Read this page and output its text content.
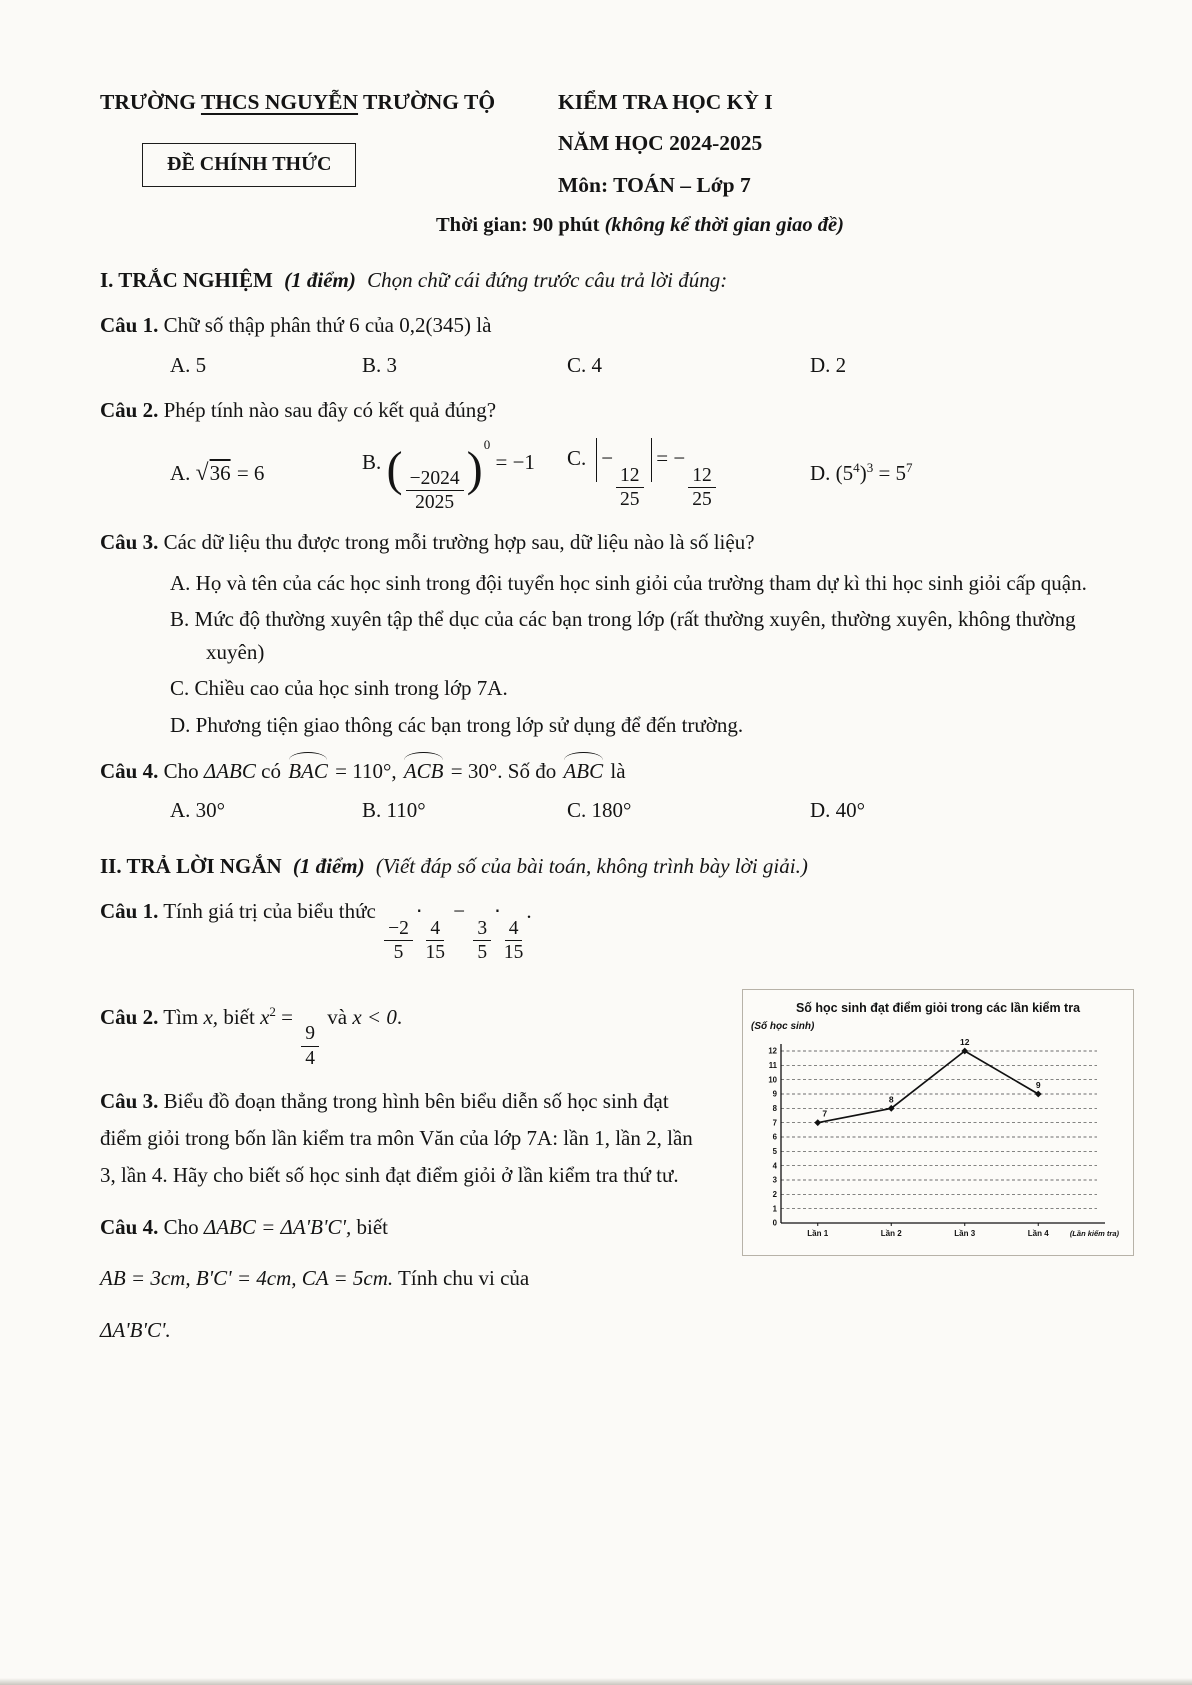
TRƯỜNG THCS NGUYỄN TRƯỜNG TỘ
ĐỀ CHÍNH THỨC
KIỂM TRA HỌC KỲ I
NĂM HỌC 2024-2025
Môn: TOÁN – Lớp 7
Thời gian: 90 phút (không kể thời gian giao đề)

I. TRẮC NGHIỆM (1 điểm) Chọn chữ cái đứng trước câu trả lời đúng:

Câu 1. Chữ số thập phân thứ 6 của 0,2(345) là

A. 5	B. 3	C. 4	D. 2

Câu 2. Phép tính nào sau đây có kết quả đúng?

A. √36 = 6	B. ( $\frac{-2024}{2025} )^0 = -1$	C. −
$\frac{12}{25}$
= −
$\frac{12}{25}$	D. $(5^4)^3 = 5^7$

Câu 3. Các dữ liệu thu được trong mỗi trường hợp sau, dữ liệu nào là số liệu?

A. Họ và tên của các học sinh trong đội tuyển học sinh giỏi của trường tham dự kì thi học sinh giỏi cấp quận.

B. Mức độ thường xuyên tập thể dục của các bạn trong lớp (rất thường xuyên, thường xuyên, không thường xuyên)

C. Chiều cao của học sinh trong lớp 7A.

D. Phương tiện giao thông các bạn trong lớp sử dụng để đến trường.

Câu 4. Cho ΔABC có BAC = 110°, ACB = 30°. Số đo ABC là

A. 30°	B. 110°	C. 180°	D. 40°

II. TRẢ LỜI NGẮN (1 điểm) (Viết đáp số của bài toán, không trình bày lời giải.)

Câu 1. Tính giá trị của biểu thức
$\frac{-2}{5}$
⋅
$\frac{4}{15}$
−
$\frac{3}{5}$
⋅
$\frac{4}{15}$
.

Câu 2. Tìm x, biết $x^2$ =
$\frac{9}{4}$
và x < 0.

Câu 3. Biểu đồ đoạn thẳng trong hình bên biểu diễn số học sinh đạt điểm giỏi trong bốn lần kiểm tra môn Văn của lớp 7A: lần 1, lần 2, lần 3, lần 4. Hãy cho biết số học sinh đạt điểm giỏi ở lần kiểm tra thứ tư.

Câu 4. Cho ΔABC = ΔA'B'C', biết

AB = 3cm, B'C' = 4cm, CA = 5cm. Tính chu vi của

ΔA'B'C'.

Số học sinh đạt điểm giỏi trong các lần kiểm tra
(Số học sinh)
0
1
2
3
4
5
6
7
8
9
10
11
12
Lần 1	Lần 2	Lần 3	Lần 4	(Lần kiểm tra)
7
8
12
9
